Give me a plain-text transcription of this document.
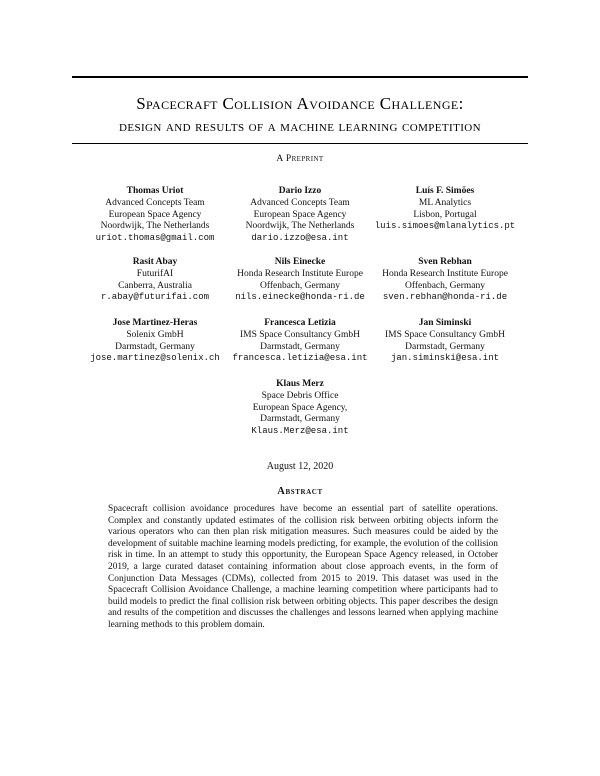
Spacecraft Collision Avoidance Challenge:
design and results of a machine learning competition
A Preprint
Thomas Uriot
Advanced Concepts Team
European Space Agency
Noordwijk, The Netherlands
uriot.thomas@gmail.com
Dario Izzo
Advanced Concepts Team
European Space Agency
Noordwijk, The Netherlands
dario.izzo@esa.int
Luís F. Simões
ML Analytics
Lisbon, Portugal
luis.simoes@mlanalytics.pt
Rasit Abay
FuturifAI
Canberra, Australia
r.abay@futurifai.com
Nils Einecke
Honda Research Institute Europe
Offenbach, Germany
nils.einecke@honda-ri.de
Sven Rebhan
Honda Research Institute Europe
Offenbach, Germany
sven.rebhan@honda-ri.de
Jose Martinez-Heras
Solenix GmbH
Darmstadt, Germany
jose.martinez@solenix.ch
Francesca Letizia
IMS Space Consultancy GmbH
Darmstadt, Germany
francesca.letizia@esa.int
Jan Siminski
IMS Space Consultancy GmbH
Darmstadt, Germany
jan.siminski@esa.int
Klaus Merz
Space Debris Office
European Space Agency,
Darmstadt, Germany
Klaus.Merz@esa.int
August 12, 2020
Abstract
Spacecraft collision avoidance procedures have become an essential part of satellite operations. Complex and constantly updated estimates of the collision risk between orbiting objects inform the various operators who can then plan risk mitigation measures. Such measures could be aided by the development of suitable machine learning models predicting, for example, the evolution of the collision risk in time. In an attempt to study this opportunity, the European Space Agency released, in October 2019, a large curated dataset containing information about close approach events, in the form of Conjunction Data Messages (CDMs), collected from 2015 to 2019. This dataset was used in the Spacecraft Collision Avoidance Challenge, a machine learning competition where participants had to build models to predict the final collision risk between orbiting objects. This paper describes the design and results of the competition and discusses the challenges and lessons learned when applying machine learning methods to this problem domain.
